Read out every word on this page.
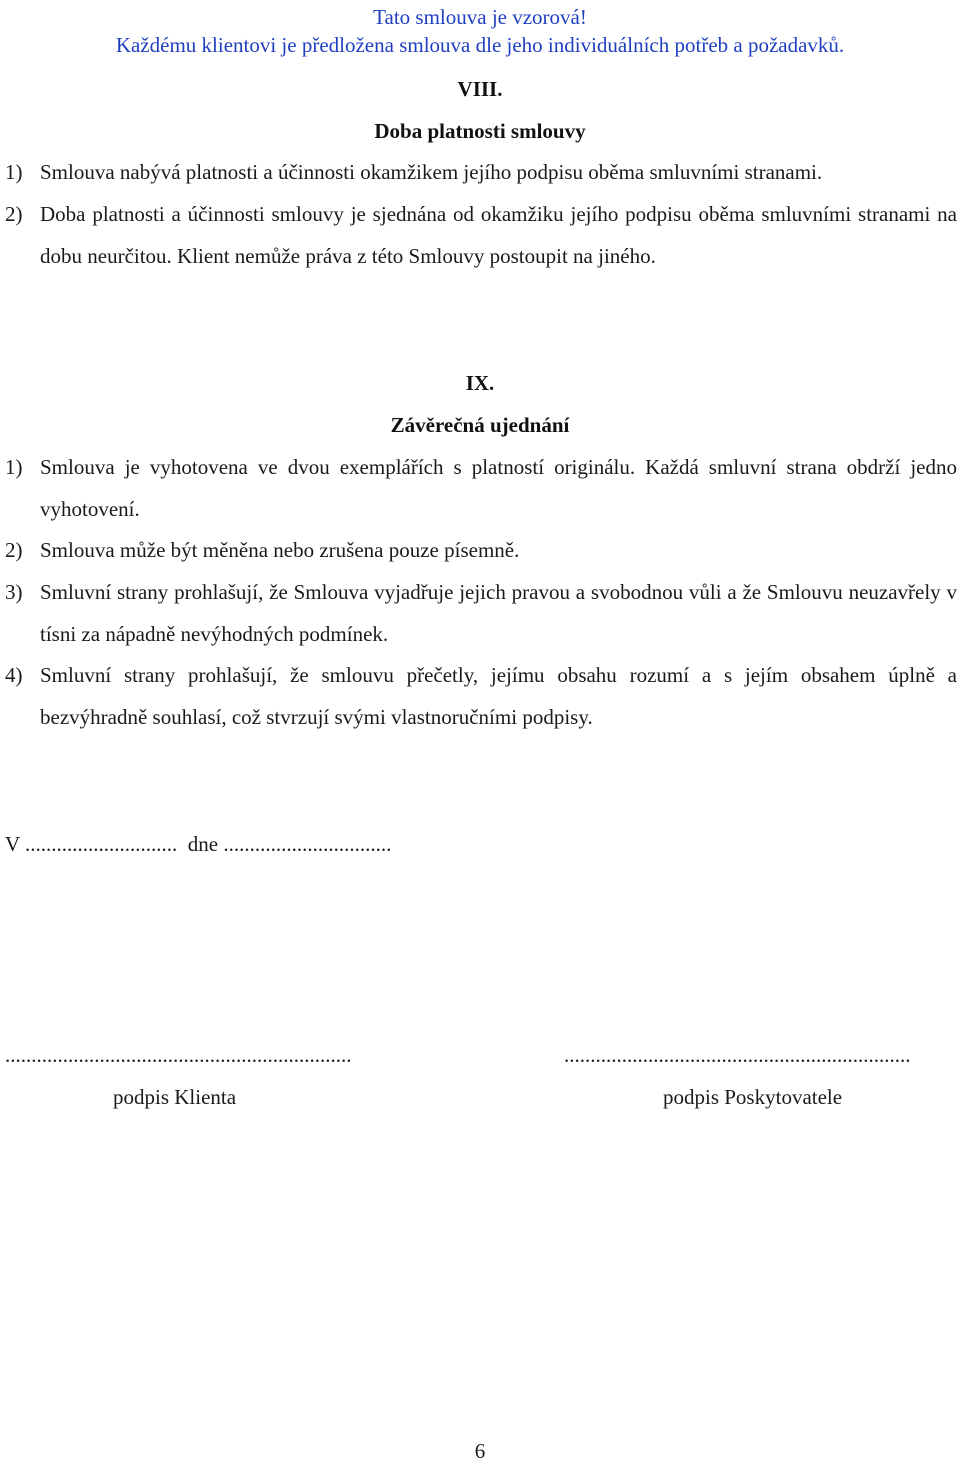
Tato smlouva je vzorová!
Každému klientovi je předložena smlouva dle jeho individuálních potřeb a požadavků.
VIII.
Doba platnosti smlouvy
1) Smlouva nabývá platnosti a účinnosti okamžikem jejího podpisu oběma smluvními stranami.
2) Doba platnosti a účinnosti smlouvy je sjednána od okamžiku jejího podpisu oběma smluvními stranami na dobu neurčitou. Klient nemůže práva z této Smlouvy postoupit na jiného.
IX.
Závěrečná ujednání
1) Smlouva je vyhotovena ve dvou exemplářích s platností originálu. Každá smluvní strana obdrží jedno vyhotovení.
2) Smlouva může být měněna nebo zrušena pouze písemně.
3) Smluvní strany prohlašují, že Smlouva vyjadřuje jejich pravou a svobodnou vůli a že Smlouvu neuzavřely v tísni za nápadně nevýhodných podmínek.
4) Smluvní strany prohlašují, že smlouvu přečetly, jejímu obsahu rozumí a s jejím obsahem úplně a bezvýhradně souhlasí, což stvrzují svými vlastnoručními podpisy.
V ............................. dne ................................
..................................................................	..................................................................
podpis Klienta	podpis Poskytovatele
6
